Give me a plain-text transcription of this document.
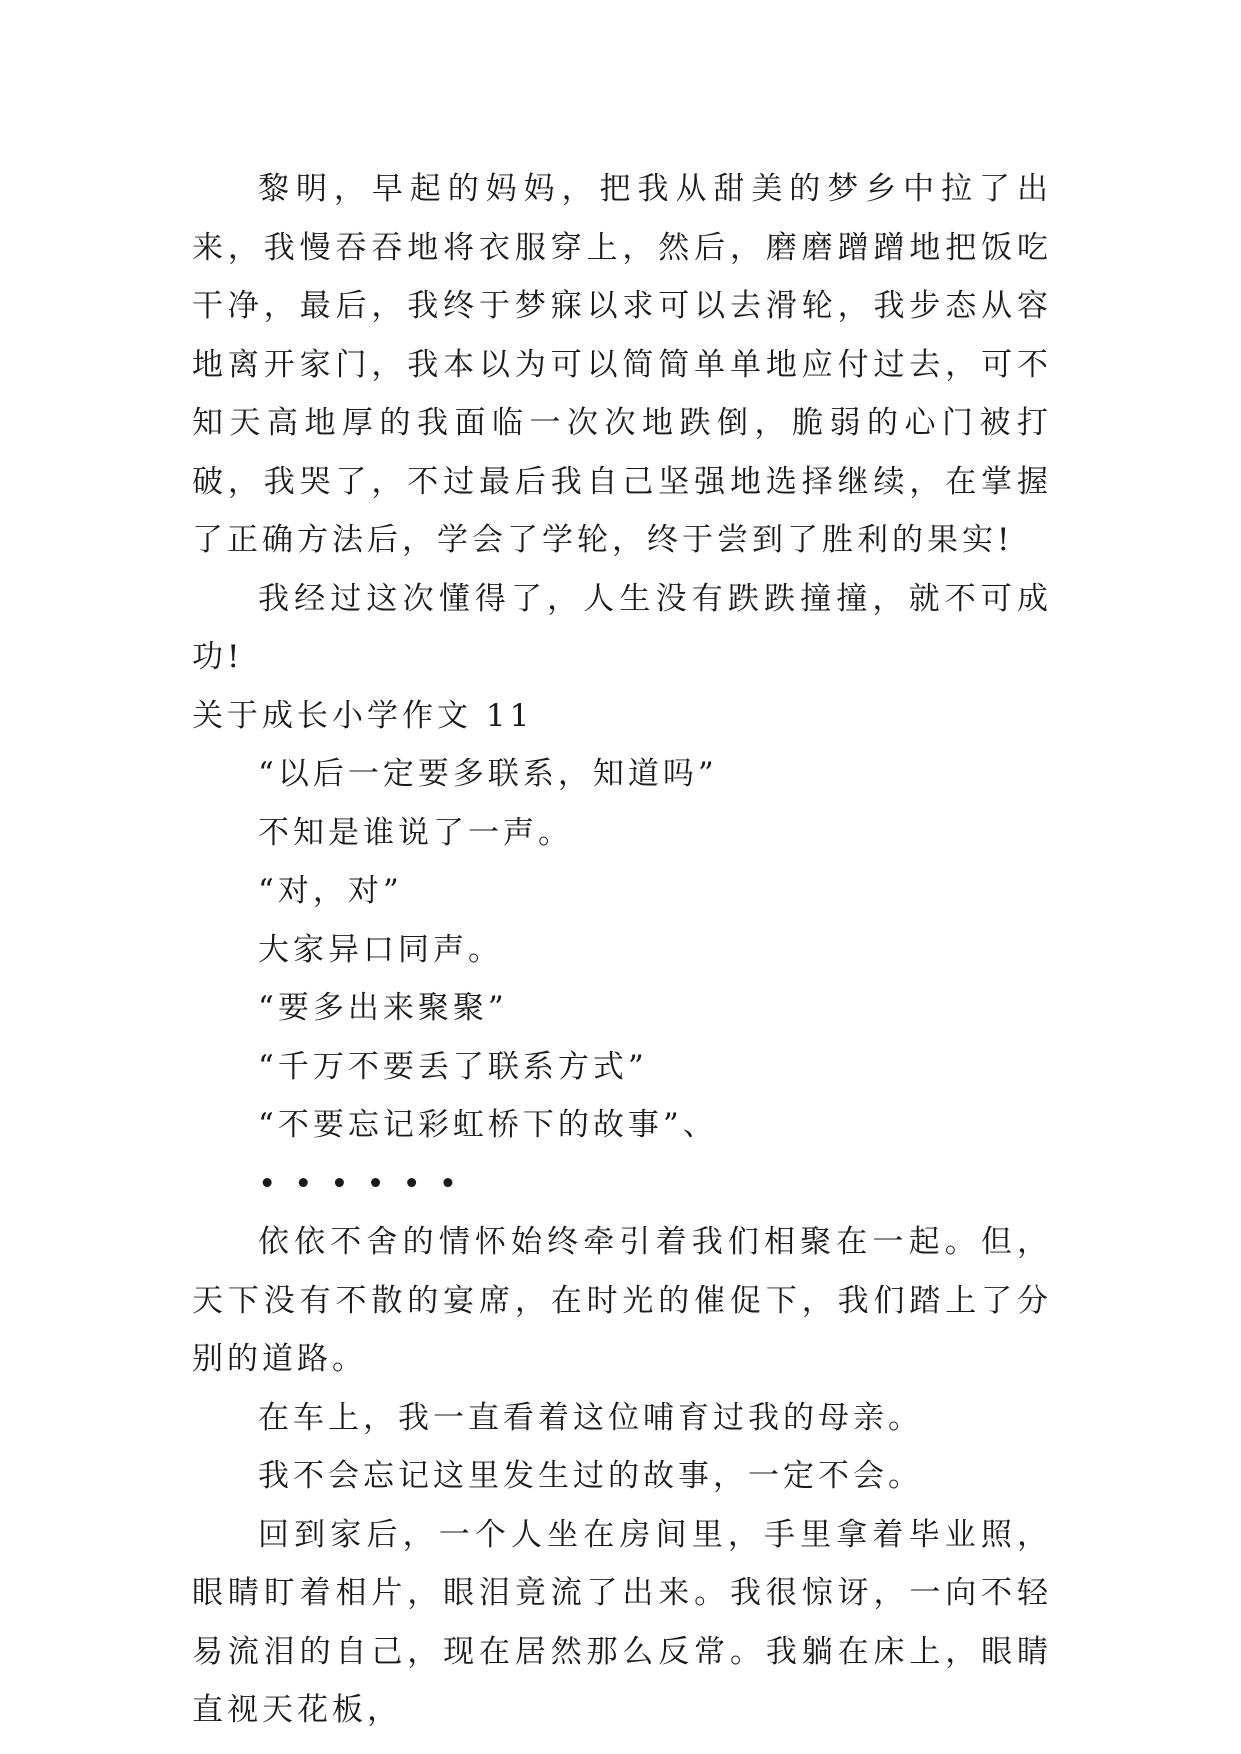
黎明，早起的妈妈，把我从甜美的梦乡中拉了出来，我慢吞吞地将衣服穿上，然后，磨磨蹭蹭地把饭吃干净，最后，我终于梦寐以求可以去滑轮，我步态从容地离开家门，我本以为可以简简单单地应付过去，可不知天高地厚的我面临一次次地跌倒，脆弱的心门被打破，我哭了，不过最后我自己坚强地选择继续，在掌握了正确方法后，学会了学轮，终于尝到了胜利的果实!

我经过这次懂得了，人生没有跌跌撞撞，就不可成功!

关于成长小学作文 11

“以后一定要多联系，知道吗”

不知是谁说了一声。

“对，对”

大家异口同声。

“要多出来聚聚”

“千万不要丢了联系方式”

“不要忘记彩虹桥下的故事”、

• • • • • •

依依不舍的情怀始终牵引着我们相聚在一起。但，天下没有不散的宴席，在时光的催促下，我们踏上了分别的道路。

在车上，我一直看着这位哺育过我的母亲。

我不会忘记这里发生过的故事，一定不会。

回到家后，一个人坐在房间里，手里拿着毕业照，眼睛盯着相片，眼泪竟流了出来。我很惊讶，一向不轻易流泪的自己，现在居然那么反常。我躺在床上，眼睛直视天花板，
